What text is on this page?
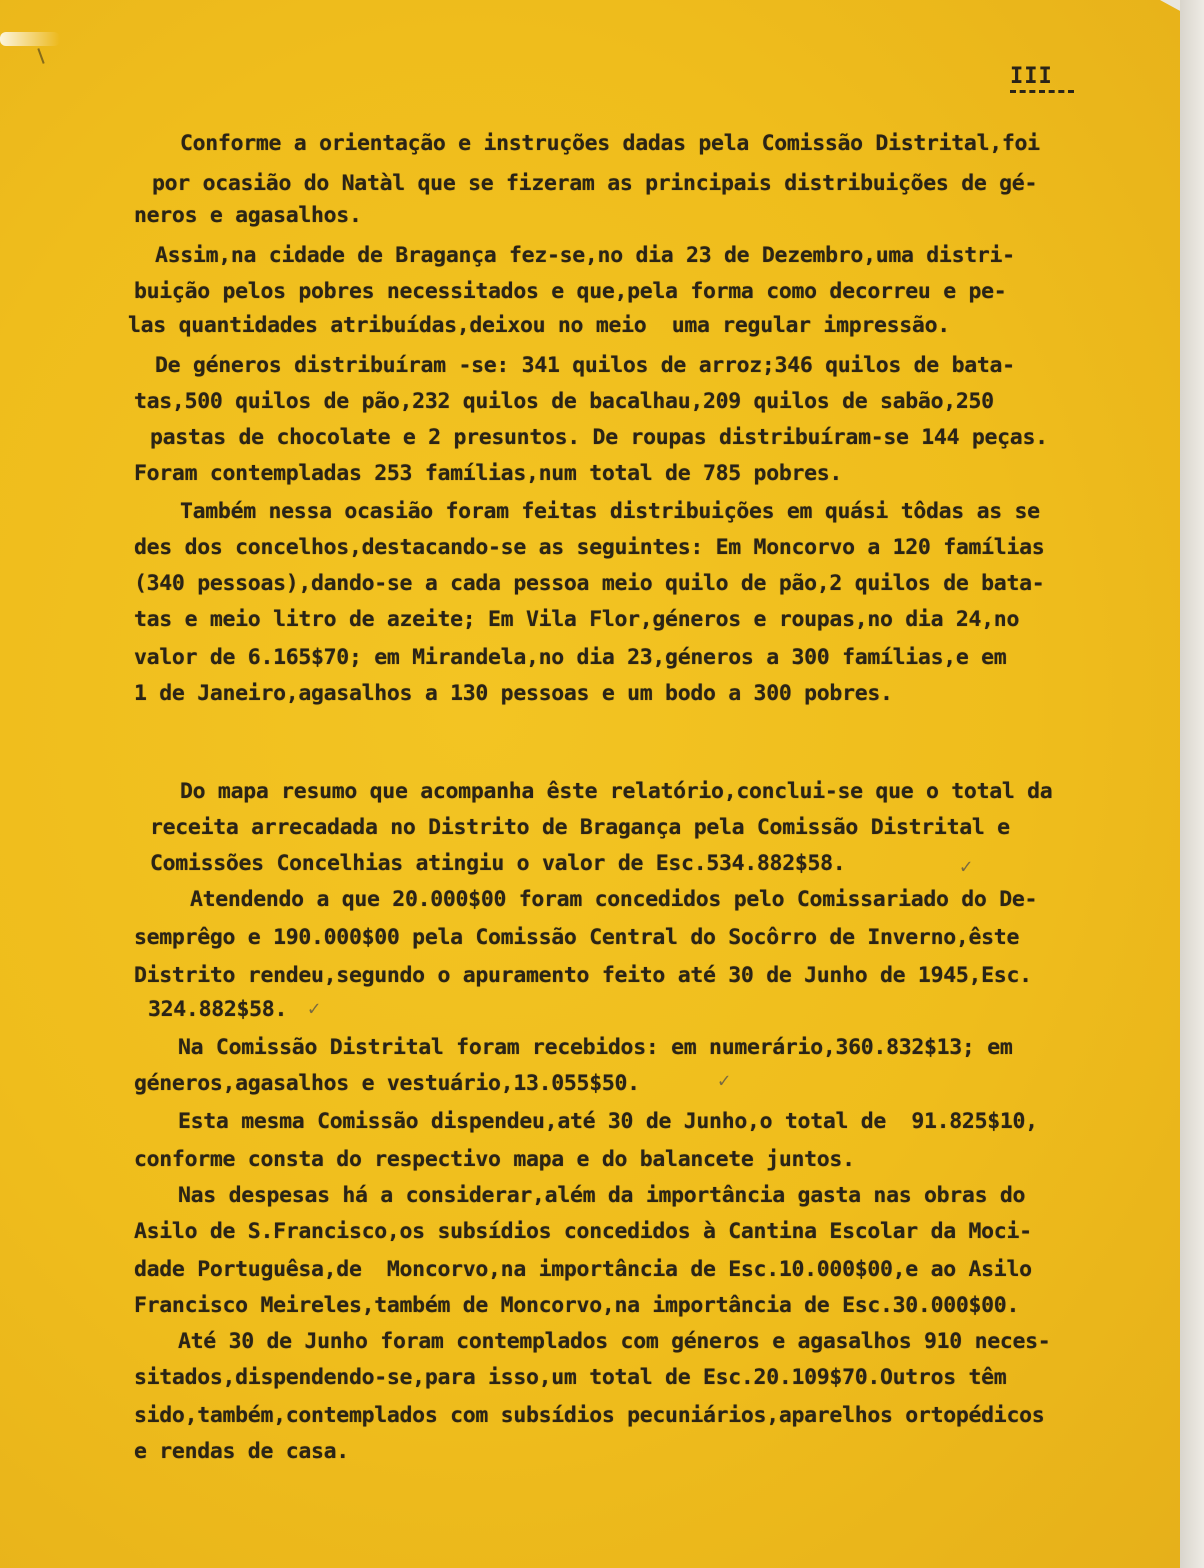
III
Conforme a orientação e instruções dadas pela Comissão Distrital,foi
por ocasião do Natàl que se fizeram as principais distribuições de gé-
neros e agasalhos.
Assim,na cidade de Bragança fez-se,no dia 23 de Dezembro,uma distri-
buição pelos pobres necessitados e que,pela forma como decorreu e pe-
las quantidades atribuídas,deixou no meio  uma regular impressão.
De géneros distribuíram -se: 341 quilos de arroz;346 quilos de bata-
tas,500 quilos de pão,232 quilos de bacalhau,209 quilos de sabão,250
pastas de chocolate e 2 presuntos. De roupas distribuíram-se 144 peças.
Foram contempladas 253 famílias,num total de 785 pobres.
Também nessa ocasião foram feitas distribuições em quási tôdas as se
des dos concelhos,destacando-se as seguintes: Em Moncorvo a 120 famílias
(340 pessoas),dando-se a cada pessoa meio quilo de pão,2 quilos de bata-
tas e meio litro de azeite; Em Vila Flor,géneros e roupas,no dia 24,no
valor de 6.165$70; em Mirandela,no dia 23,géneros a 300 famílias,e em
1 de Janeiro,agasalhos a 130 pessoas e um bodo a 300 pobres.
Do mapa resumo que acompanha êste relatório,conclui-se que o total da
receita arrecadada no Distrito de Bragança pela Comissão Distrital e
Comissões Concelhias atingiu o valor de Esc.534.882$58.	✓
Atendendo a que 20.000$00 foram concedidos pelo Comissariado do De-
semprêgo e 190.000$00 pela Comissão Central do Socôrro de Inverno,êste
Distrito rendeu,segundo o apuramento feito até 30 de Junho de 1945,Esc.
324.882$58. ✓
Na Comissão Distrital foram recebidos: em numerário,360.832$13; em
géneros,agasalhos e vestuário,13.055$50.	✓
Esta mesma Comissão dispendeu,até 30 de Junho,o total de  91.825$10,
conforme consta do respectivo mapa e do balancete juntos.
Nas despesas há a considerar,além da importância gasta nas obras do
Asilo de S.Francisco,os subsídios concedidos à Cantina Escolar da Moci-
dade Portuguêsa,de  Moncorvo,na importância de Esc.10.000$00,e ao Asilo
Francisco Meireles,também de Moncorvo,na importância de Esc.30.000$00.
Até 30 de Junho foram contemplados com géneros e agasalhos 910 neces-
sitados,dispendendo-se,para isso,um total de Esc.20.109$70.Outros têm
sido,também,contemplados com subsídios pecuniários,aparelhos ortopédicos
e rendas de casa.
